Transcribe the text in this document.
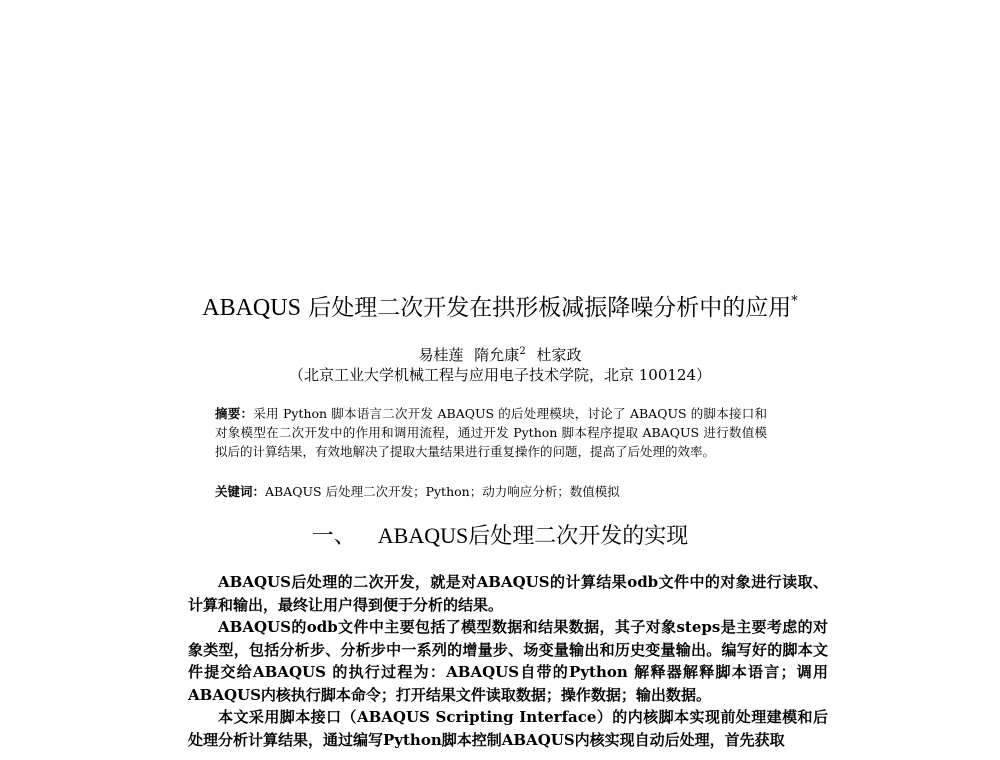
ABAQUS 后处理二次开发在拱形板减振降噪分析中的应用*
易桂莲 隋允康$^2$ 杜家政
（北京工业大学机械工程与应用电子技术学院，北京 100124）
摘要：采用 Python 脚本语言二次开发 ABAQUS 的后处理模块，讨论了 ABAQUS 的脚本接口和对象模型在二次开发中的作用和调用流程，通过开发 Python 脚本程序提取 ABAQUS 进行数值模拟后的计算结果，有效地解决了提取大量结果进行重复操作的问题，提高了后处理的效率。
关键词：ABAQUS 后处理二次开发；Python；动力响应分析；数值模拟
一、 ABAQUS后处理二次开发的实现

ABAQUS后处理的二次开发，就是对ABAQUS的计算结果odb文件中的对象进行读取、计算和输出，最终让用户得到便于分析的结果。

ABAQUS的odb文件中主要包括了模型数据和结果数据，其子对象steps是主要考虑的对象类型，包括分析步、分析步中一系列的增量步、场变量输出和历史变量输出。编写好的脚本文件提交给ABAQUS 的执行过程为：ABAQUS自带的Python 解释器解释脚本语言；调用ABAQUS内核执行脚本命令；打开结果文件读取数据；操作数据；输出数据。

本文采用脚本接口（ABAQUS Scripting Interface）的内核脚本实现前处理建模和后处理分析计算结果，通过编写Python脚本控制ABAQUS内核实现自动后处理，首先获取
